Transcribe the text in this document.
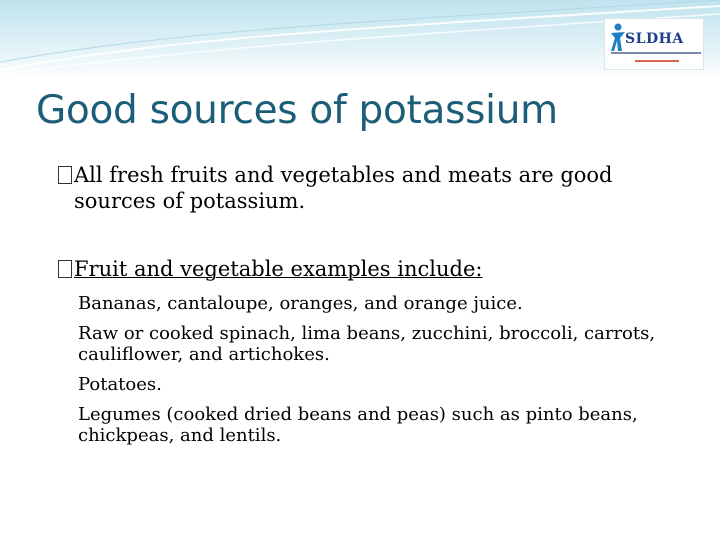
SLDHA
Good sources of potassium
All fresh fruits and vegetables and meats are good
sources of potassium.
Fruit and vegetable examples include:

Bananas, cantaloupe, oranges, and orange juice.

Raw or cooked spinach, lima beans, zucchini, broccoli, carrots, cauliflower, and artichokes.

Potatoes.

Legumes (cooked dried beans and peas) such as pinto beans, chickpeas, and lentils.
